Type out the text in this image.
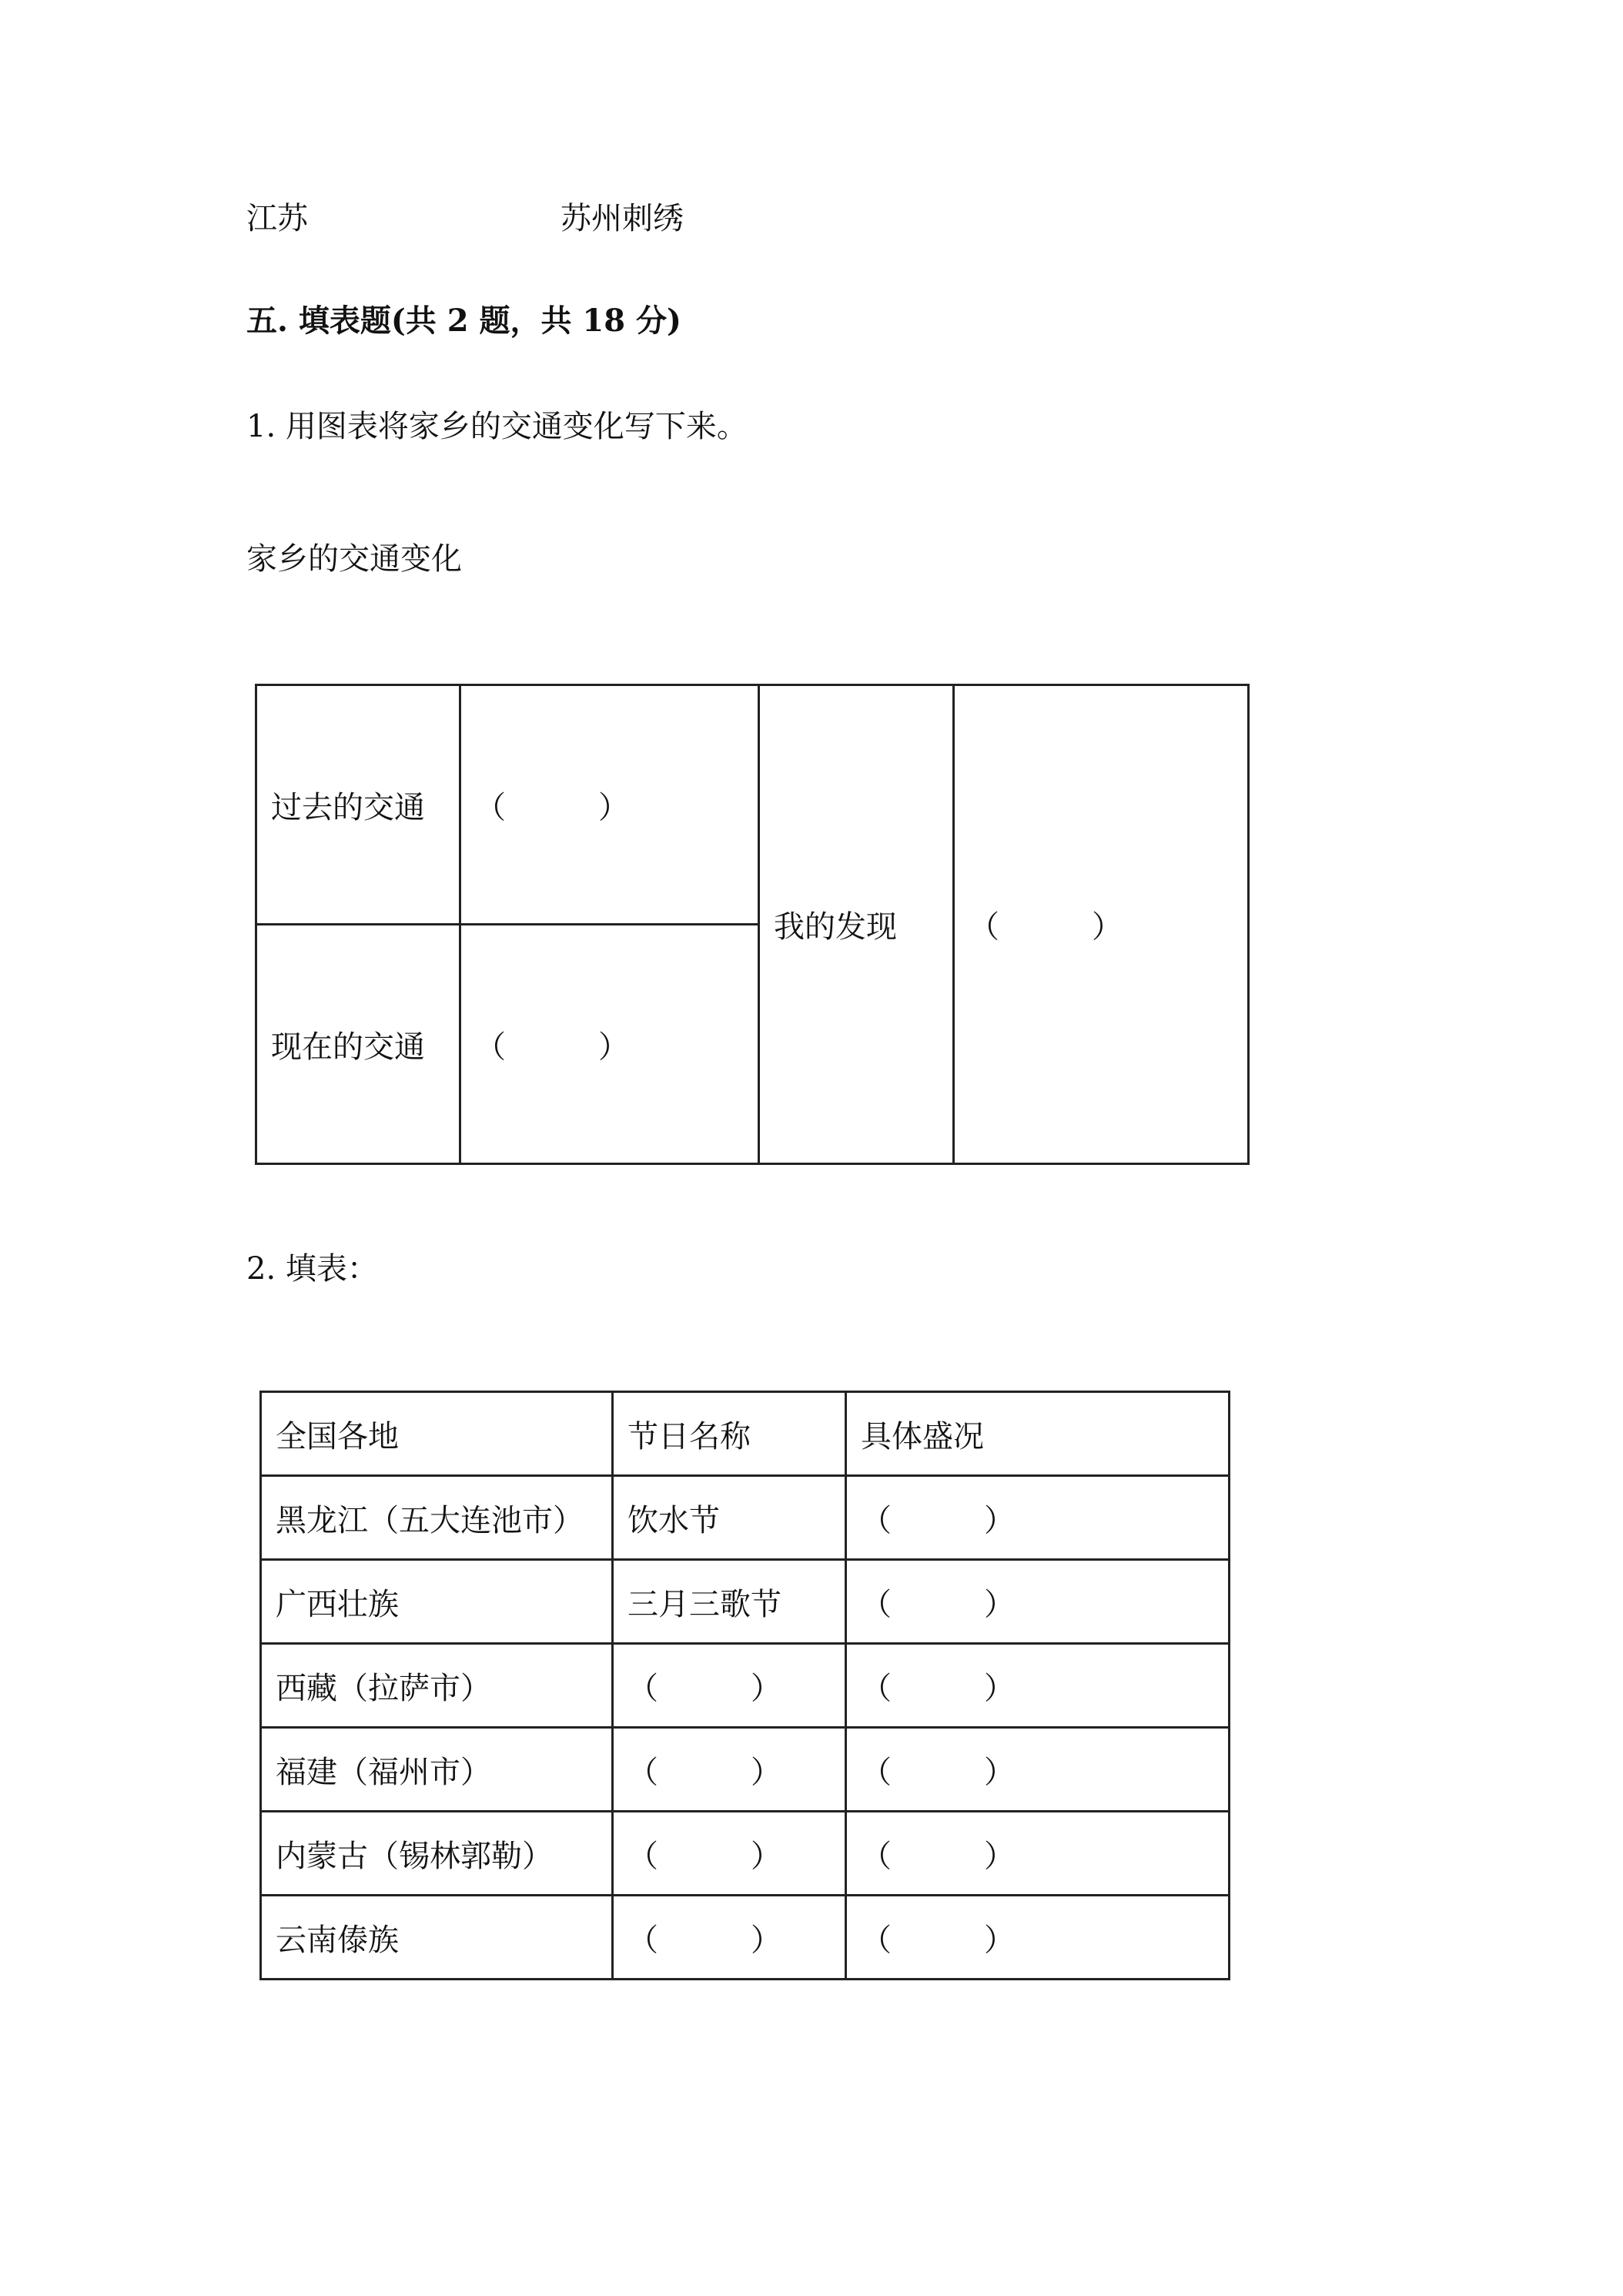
江苏	苏州刺绣
五. 填表题(共 2 题，共 18 分)
1. 用图表将家乡的交通变化写下来。
家乡的交通变化
过去的交通	（　　　）	我的发现	（　　　）
现在的交通	（　　　）		
2. 填表：
全国各地	节日名称	具体盛况
黑龙江（五大连池市）	饮水节	（　　　）
广西壮族	三月三歌节	（　　　）
西藏（拉萨市）	（　　　）	（　　　）
福建（福州市）	（　　　）	（　　　）
内蒙古（锡林郭勒）	（　　　）	（　　　）
云南傣族	（　　　）	（　　　）
